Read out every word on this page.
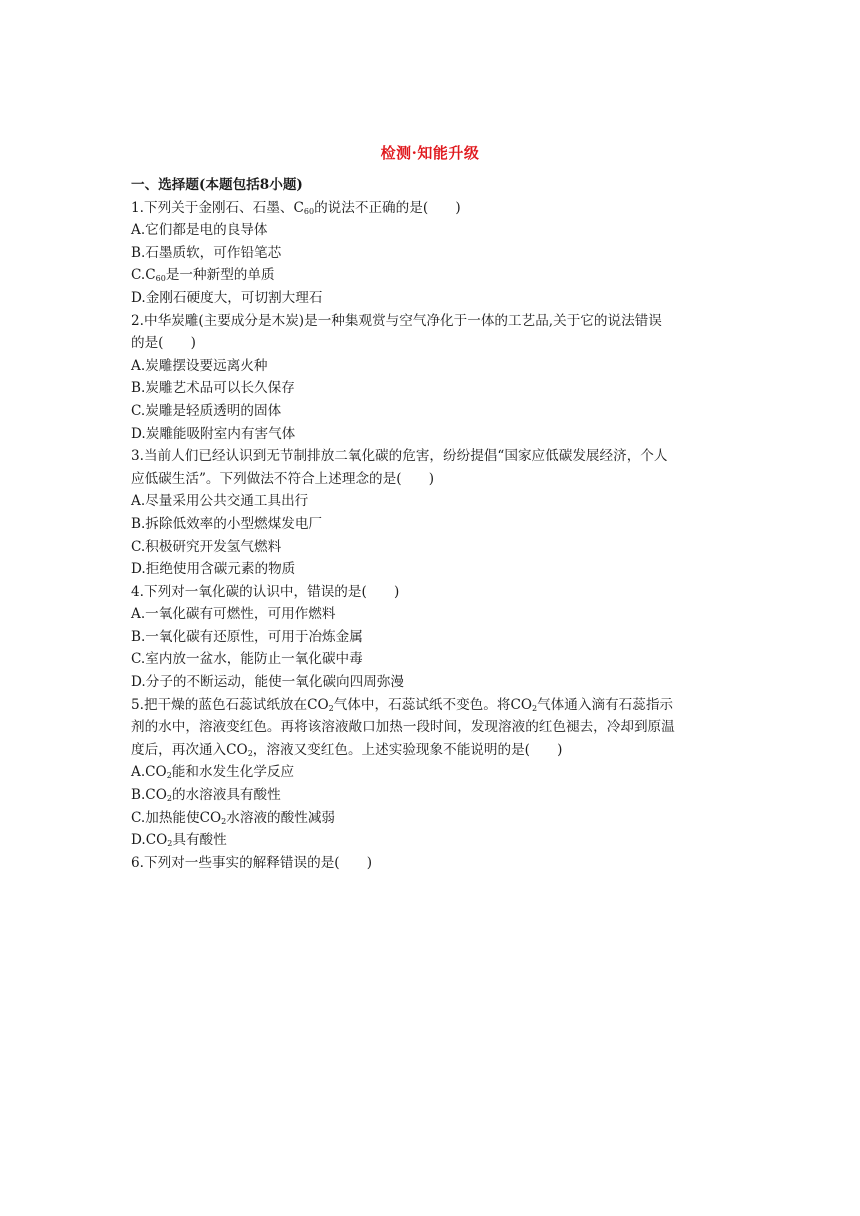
检测·知能升级
一、选择题(本题包括8小题)
1.下列关于金刚石、石墨、$C_{60}$的说法不正确的是(　　)
A.它们都是电的良导体
B.石墨质软，可作铅笔芯
$C.C_{60}$是一种新型的单质
D.金刚石硬度大，可切割大理石
2.中华炭雕(主要成分是木炭)是一种集观赏与空气净化于一体的工艺品,关于它的说法错误
的是(　　)
A.炭雕摆设要远离火种
B.炭雕艺术品可以长久保存
C.炭雕是轻质透明的固体
D.炭雕能吸附室内有害气体
3.当前人们已经认识到无节制排放二氧化碳的危害，纷纷提倡“国家应低碳发展经济，个人
应低碳生活”。下列做法不符合上述理念的是(　　)
A.尽量采用公共交通工具出行
B.拆除低效率的小型燃煤发电厂
C.积极研究开发氢气燃料
D.拒绝使用含碳元素的物质
4.下列对一氧化碳的认识中，错误的是(　　)
A.一氧化碳有可燃性，可用作燃料
B.一氧化碳有还原性，可用于冶炼金属
C.室内放一盆水，能防止一氧化碳中毒
D.分子的不断运动，能使一氧化碳向四周弥漫
5.把干燥的蓝色石蕊试纸放在$CO_2$气体中，石蕊试纸不变色。将$CO_2$气体通入滴有石蕊指示
剂的水中，溶液变红色。再将该溶液敞口加热一段时间，发现溶液的红色褪去，冷却到原温
度后，再次通入$CO_2$，溶液又变红色。上述实验现象不能说明的是(　　)
$A.CO_2$能和水发生化学反应
$B.CO_2$的水溶液具有酸性
C.加热能使$CO_2$水溶液的酸性减弱
$D.CO_2$具有酸性
6.下列对一些事实的解释错误的是(　　)
